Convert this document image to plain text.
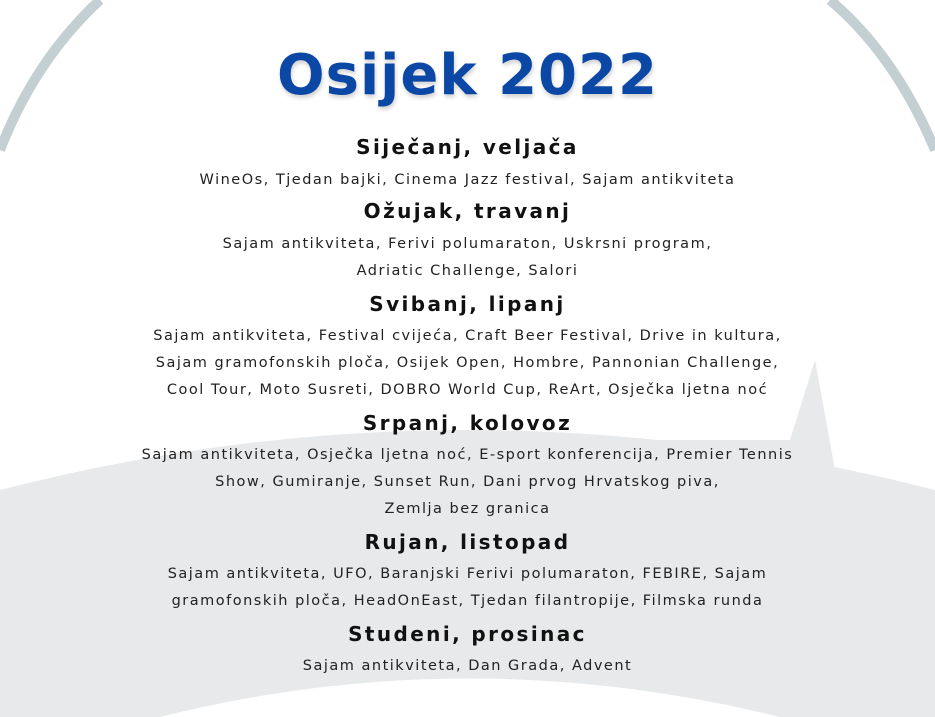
Osijek 2022
Siječanj, veljača
WineOs, Tjedan bajki, Cinema Jazz festival, Sajam antikviteta
Ožujak, travanj
Sajam antikviteta, Ferivi polumaraton, Uskrsni program,
Adriatic Challenge, Salori
Svibanj, lipanj
Sajam antikviteta, Festival cvijeća, Craft Beer Festival, Drive in kultura,
Sajam gramofonskih ploča, Osijek Open, Hombre, Pannonian Challenge,
Cool Tour, Moto Susreti, DOBRO World Cup, ReArt, Osječka ljetna noć
Srpanj, kolovoz
Sajam antikviteta, Osječka ljetna noć, E-sport konferencija, Premier Tennis
Show, Gumiranje, Sunset Run, Dani prvog Hrvatskog piva,
Zemlja bez granica
Rujan, listopad
Sajam antikviteta, UFO, Baranjski Ferivi polumaraton, FEBIRE, Sajam
gramofonskih ploča, HeadOnEast, Tjedan filantropije, Filmska runda
Studeni, prosinac
Sajam antikviteta, Dan Grada, Advent
